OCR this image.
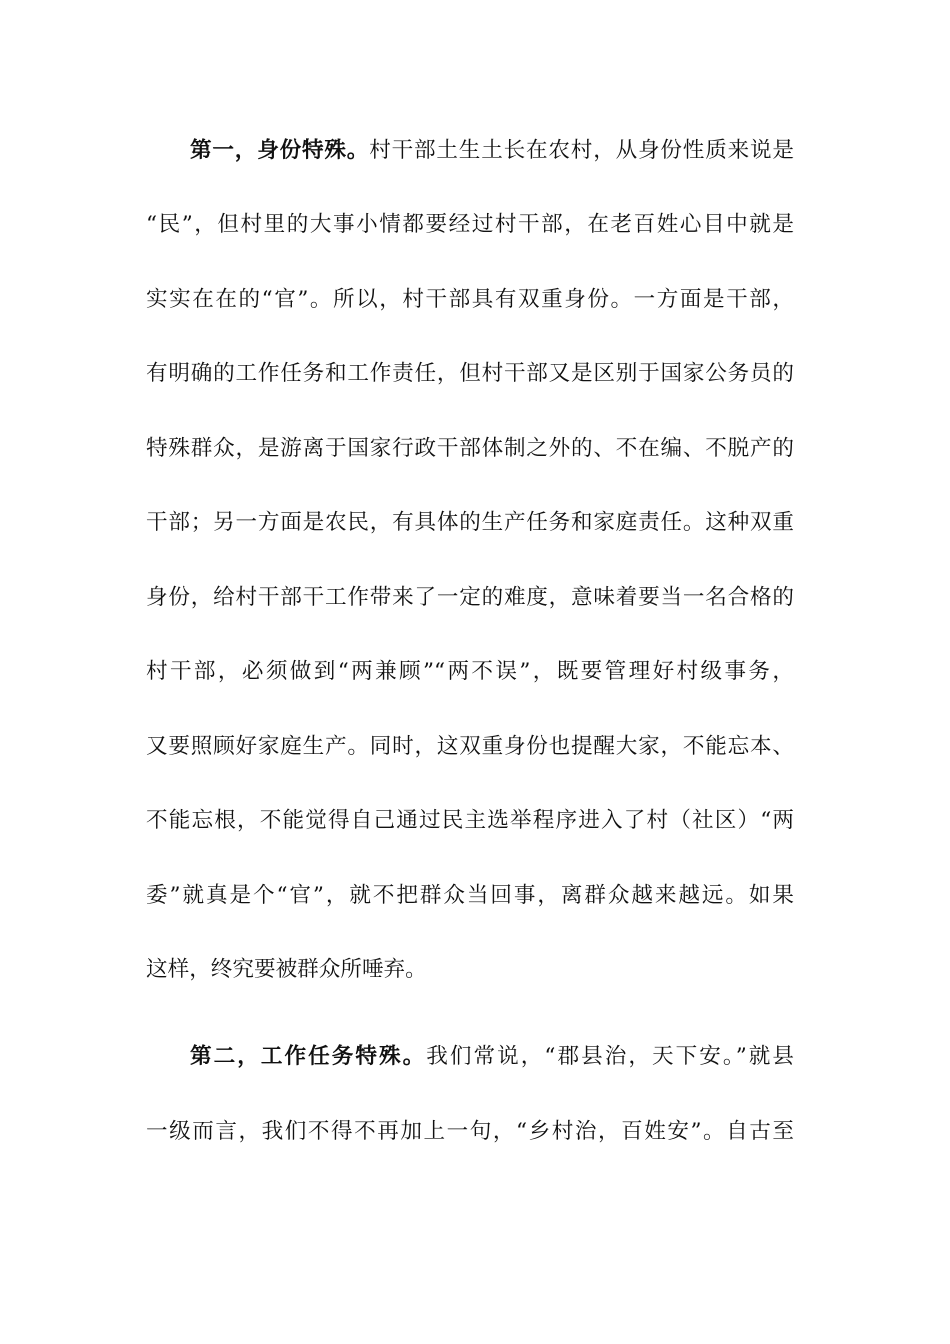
第一，身份特殊。村干部土生土长在农村，从身份性质来说是
“民”，但村里的大事小情都要经过村干部，在老百姓心目中就是
实实在在的“官”。所以，村干部具有双重身份。一方面是干部，
有明确的工作任务和工作责任，但村干部又是区别于国家公务员的
特殊群众，是游离于国家行政干部体制之外的、不在编、不脱产的
干部；另一方面是农民，有具体的生产任务和家庭责任。这种双重
身份，给村干部干工作带来了一定的难度，意味着要当一名合格的
村干部，必须做到“两兼顾”“两不误”，既要管理好村级事务，
又要照顾好家庭生产。同时，这双重身份也提醒大家，不能忘本、
不能忘根，不能觉得自己通过民主选举程序进入了村（社区）“两
委”就真是个“官”，就不把群众当回事，离群众越来越远。如果
这样，终究要被群众所唾弃。
第二，工作任务特殊。我们常说，“郡县治，天下安。”就县
一级而言，我们不得不再加上一句，“乡村治，百姓安”。自古至
